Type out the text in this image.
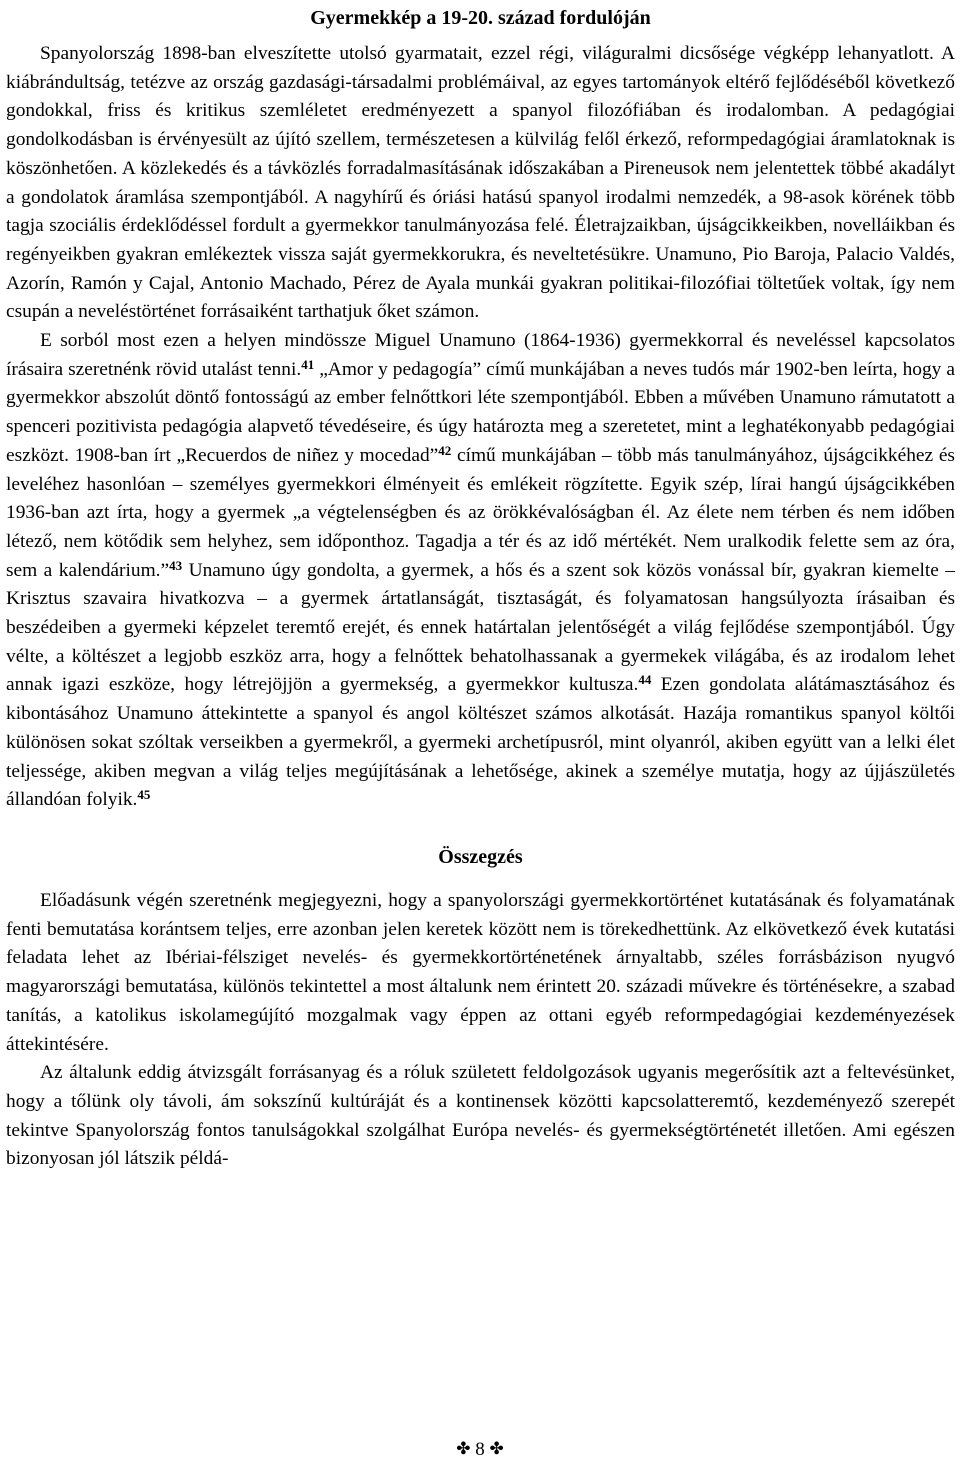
Gyermekkép a 19-20. század fordulóján

Spanyolország 1898-ban elveszítette utolsó gyarmatait, ezzel régi, világuralmi dicsősége végképp lehanyatlott. A kiábrándultság, tetézve az ország gazdasági-társadalmi problémáival, az egyes tartományok eltérő fejlődéséből következő gondokkal, friss és kritikus szemléletet eredményezett a spanyol filozófiában és irodalomban. A pedagógiai gondolkodásban is érvényesült az újító szellem, természetesen a külvilág felől érkező, reformpedagógiai áramlatoknak is köszönhetően. A közlekedés és a távközlés forradalmasításának időszakában a Pireneusok nem jelentettek többé akadályt a gondolatok áramlása szempontjából. A nagyhírű és óriási hatású spanyol irodalmi nemzedék, a 98-asok körének több tagja szociális érdeklődéssel fordult a gyermekkor tanulmányozása felé. Életrajzaikban, újságcikkeikben, novelláikban és regényeikben gyakran emlékeztek vissza saját gyermekkorukra, és neveltetésükre. Unamuno, Pio Baroja, Palacio Valdés, Azorín, Ramón y Cajal, Antonio Machado, Pérez de Ayala munkái gyakran politikai-filozófiai töltetűek voltak, így nem csupán a neveléstörténet forrásaiként tarthatjuk őket számon.

E sorból most ezen a helyen mindössze Miguel Unamuno (1864-1936) gyermekkorral és neveléssel kapcsolatos írásaira szeretnénk rövid utalást tenni.$^{41}$ „Amor y pedagogía” című munkájában a neves tudós már 1902-ben leírta, hogy a gyermekkor abszolút döntő fontosságú az ember felnőttkori léte szempontjából. Ebben a művében Unamuno rámutatott a spenceri pozitivista pedagógia alapvető tévedéseire, és úgy határozta meg a szeretetet, mint a leghatékonyabb pedagógiai eszközt. 1908-ban írt „Recuerdos de niñez y mocedad”$^{42}$ című munkájában – több más tanulmányához, újságcikkéhez és leveléhez hasonlóan – személyes gyermekkori élményeit és emlékeit rögzítette. Egyik szép, lírai hangú újságcikkében 1936-ban azt írta, hogy a gyermek „a végtelenségben és az örökkévalóságban él. Az élete nem térben és nem időben létező, nem kötődik sem helyhez, sem időponthoz. Tagadja a tér és az idő mértékét. Nem uralkodik felette sem az óra, sem a kalendárium.”$^{43}$ Unamuno úgy gondolta, a gyermek, a hős és a szent sok közös vonással bír, gyakran kiemelte – Krisztus szavaira hivatkozva – a gyermek ártatlanságát, tisztaságát, és folyamatosan hangsúlyozta írásaiban és beszédeiben a gyermeki képzelet teremtő erejét, és ennek határtalan jelentőségét a világ fejlődése szempontjából. Úgy vélte, a költészet a legjobb eszköz arra, hogy a felnőttek behatolhassanak a gyermekek világába, és az irodalom lehet annak igazi eszköze, hogy létrejöjjön a gyermekség, a gyermekkor kultusza.$^{44}$ Ezen gondolata alátámasztásához és kibontásához Unamuno áttekintette a spanyol és angol költészet számos alkotását. Hazája romantikus spanyol költői különösen sokat szóltak verseikben a gyermekről, a gyermeki archetípusról, mint olyanról, akiben együtt van a lelki élet teljessége, akiben megvan a világ teljes megújításának a lehetősége, akinek a személye mutatja, hogy az újjászületés állandóan folyik.$^{45}$

Összegzés

Előadásunk végén szeretnénk megjegyezni, hogy a spanyolországi gyermekkortörténet kutatásának és folyamatának fenti bemutatása korántsem teljes, erre azonban jelen keretek között nem is törekedhettünk. Az elkövetkező évek kutatási feladata lehet az Ibériai-félsziget nevelés- és gyermekkortörténetének árnyaltabb, széles forrásbázison nyugvó magyarországi bemutatása, különös tekintettel a most általunk nem érintett 20. századi művekre és történésekre, a szabad tanítás, a katolikus iskolamegújító mozgalmak vagy éppen az ottani egyéb reformpedagógiai kezdeményezések áttekintésére.

Az általunk eddig átvizsgált forrásanyag és a róluk született feldolgozások ugyanis megerősítik azt a feltevésünket, hogy a tőlünk oly távoli, ám sokszínű kultúráját és a kontinensek közötti kapcsolatteremtő, kezdeményező szerepét tekintve Spanyolország fontos tanulságokkal szolgálhat Európa nevelés- és gyermekségtörténetét illetően. Ami egészen bizonyosan jól látszik példá-

✤ 8 ✤
